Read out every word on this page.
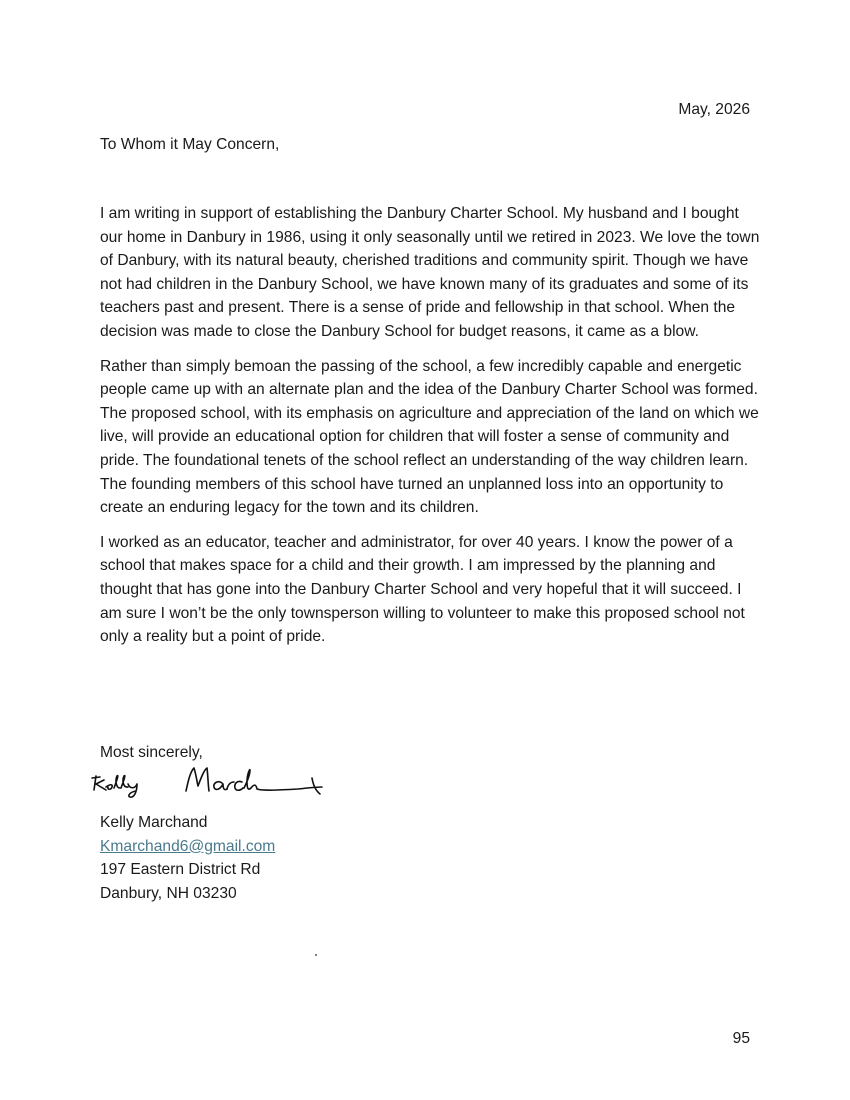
May, 2026
To Whom it May Concern,

I am writing in support of establishing the Danbury Charter School. My husband and I bought our home in Danbury in 1986, using it only seasonally until we retired in 2023. We love the town of Danbury, with its natural beauty, cherished traditions and community spirit. Though we have not had children in the Danbury School, we have known many of its graduates and some of its teachers past and present. There is a sense of pride and fellowship in that school. When the decision was made to close the Danbury School for budget reasons, it came as a blow.

Rather than simply bemoan the passing of the school, a few incredibly capable and energetic people came up with an alternate plan and the idea of the Danbury Charter School was formed. The proposed school, with its emphasis on agriculture and appreciation of the land on which we live, will provide an educational option for children that will foster a sense of community and pride. The foundational tenets of the school reflect an understanding of the way children learn. The founding members of this school have turned an unplanned loss into an opportunity to create an enduring legacy for the town and its children.

I worked as an educator, teacher and administrator, for over 40 years. I know the power of a school that makes space for a child and their growth. I am impressed by the planning and thought that has gone into the Danbury Charter School and very hopeful that it will succeed. I am sure I won’t be the only townsperson willing to volunteer to make this proposed school not only a reality but a point of pride.

Most sincerely,
Kelly Marchand
Kmarchand6@gmail.com
197 Eastern District Rd
Danbury, NH 03230
95
